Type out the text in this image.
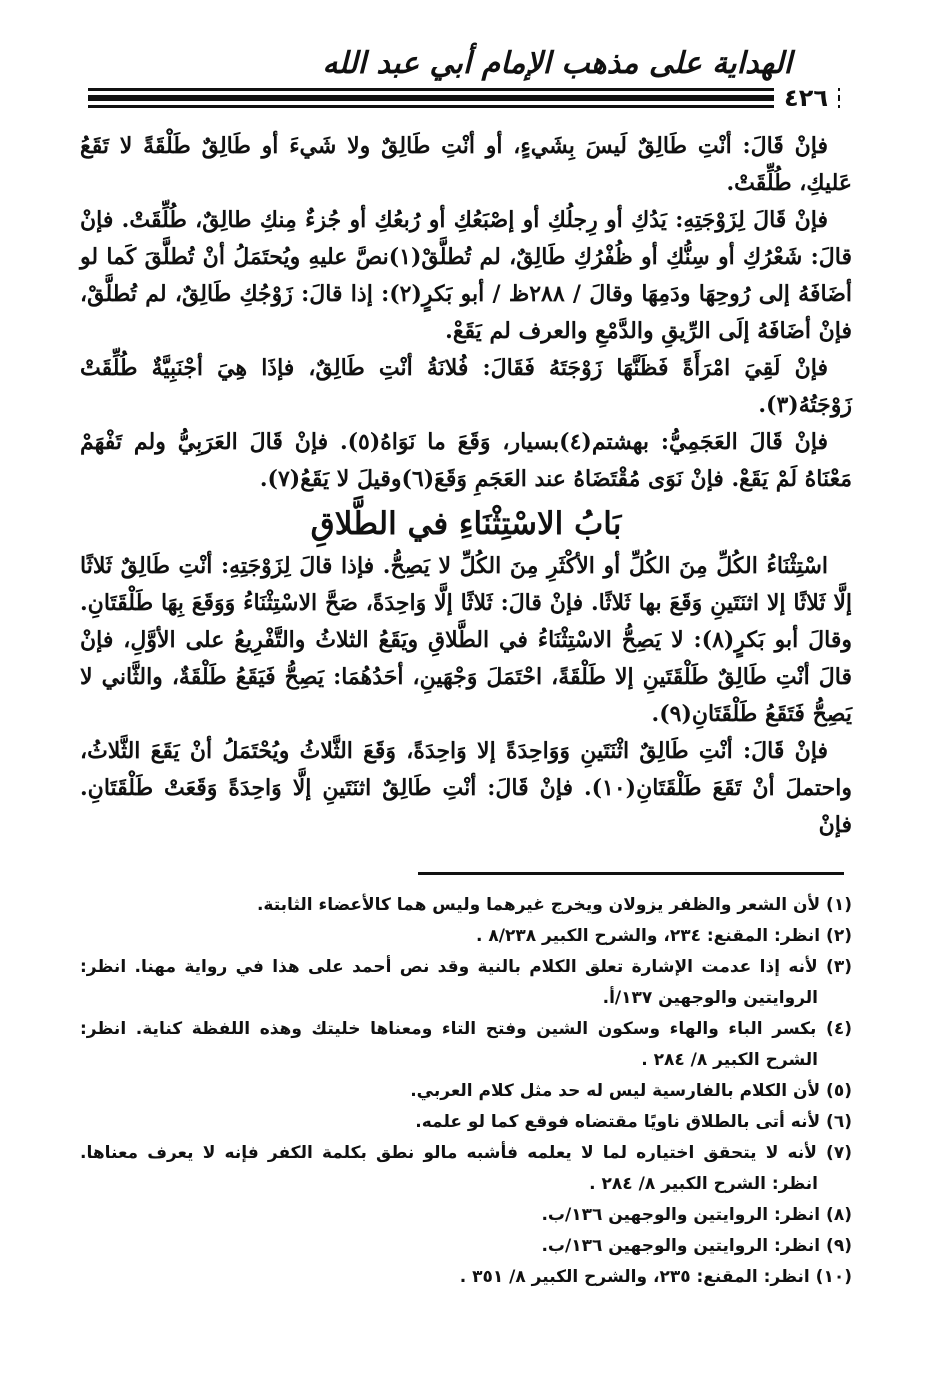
الهداية على مذهب الإمام أبي عبد الله
٤٢٦

فإنْ قَالَ: أنْتِ طَالِقٌ لَيسَ بِشَيءٍ، أو أنْتِ طَالِقٌ ولا شَيءَ أو طَالِقٌ طَلْقَةً لا تَقَعُ عَليكِ، طُلِّقَتْ.

فإنْ قَالَ لِزَوْجَتِهِ: يَدُكِ أو رِجلُكِ أو إصْبَعُكِ أو رُبعُكِ أو جُزءٌ مِنكِ طالِقٌ، طُلِّقَتْ. فإنْ قالَ: شَعْرُكِ أو سِنُّكِ أو ظُفْرُكِ طَالِقٌ، لم تُطلَّقْ(١)نصَّ عليهِ ويُحتَمَلُ أنْ تُطلَّقَ كَما لو أضَافَهُ إلى رُوحِهَا ودَمِهَا وقالَ / ٢٨٨ظ / أبو بَكرٍ(٢): إذا قالَ: زَوْجُكِ طَالِقٌ، لم تُطلَّقْ، فإنْ أضَافَهُ إلَى الرِّيقِ والدَّمْعِ والعرف لم يَقَعْ.

فإنْ لَقِيَ امْرَأَةً فَظَنَّهَا زَوْجَتَهُ فَقَالَ: فُلانَةُ أنْتِ طَالِقٌ، فإذَا هِيَ أجْنَبِيَّةٌ طُلِّقَتْ زَوْجَتُهُ(٣).

فإنْ قَالَ العَجَمِيُّ: بهشتم(٤)بسيار، وَقَعَ ما نَوَاهُ(٥). فإنْ قَالَ العَرَبِيُّ ولم تَفْهَمْ مَعْنَاهُ لَمْ يَقَعْ. فإنْ نَوَى مُقْتَضَاهُ عند العَجَمِ وَقَعَ(٦)وقيلَ لا يَقَعُ(٧).

بَابُ الاسْتِثْنَاءِ في الطَّلاقِ

اسْتِثْنَاءُ الكُلِّ مِنَ الكُلِّ أو الأكْثَرِ مِنَ الكُلِّ لا يَصِحُّ. فإذا قالَ لِزَوْجَتِهِ: أنْتِ طَالِقٌ ثَلاثًا إلَّا ثَلاثًا إلا اثنَتَينِ وَقَعَ بها ثَلاثًا. فإنْ قالَ: ثَلاثًا إلَّا وَاحِدَةً، صَحَّ الاسْتِثْنَاءُ وَوَقَعَ بِهَا طَلْقَتَانِ. وقالَ أبو بَكرٍ(٨): لا يَصِحُّ الاسْتِثْنَاءُ في الطَّلاقِ ويَقَعُ الثلاثُ والتَّفْرِيعُ على الأوَّلِ، فإنْ قالَ أنْتِ طَالِقٌ طَلْقَتَينِ إلا طَلْقَةً، احْتَمَلَ وَجْهَينِ، أحَدُهُمَا: يَصِحُّ فَيَقَعُ طَلْقَةٌ، والثَّاني لا يَصِحُّ فَتَقَعُ طَلْقَتَانِ(٩).

فإنْ قَالَ: أنْتِ طَالِقٌ اثْنَتَينِ وَوَاحِدَةً إلا وَاحِدَةً، وَقَعَ الثَّلاثُ ويُحْتَمَلُ أنْ يَقَعَ الثَّلاثُ، واحتملَ أنْ تَقَعَ طَلْقَتَانِ(١٠). فإنْ قَالَ: أنْتِ طَالِقٌ اثنَتَينِ إلَّا وَاحِدَةً وَقَعَتْ طَلْقَتَانِ. فإنْ

(١) لأن الشعر والظفر يزولان ويخرج غيرهما وليس هما كالأعضاء الثابتة.

(٢) انظر: المقنع: ٢٣٤، والشرح الكبير ٨/٢٣٨ .

(٣) لأنه إذا عدمت الإشارة تعلق الكلام بالنية وقد نص أحمد على هذا في رواية مهنا. انظر: الروايتين والوجهين ١٣٧/أ.

(٤) بكسر الباء والهاء وسكون الشين وفتح التاء ومعناها خليتك وهذه اللفظة كناية. انظر: الشرح الكبير ٨/ ٢٨٤ .

(٥) لأن الكلام بالفارسية ليس له حد مثل كلام العربي.

(٦) لأنه أتى بالطلاق ناويًا مقتضاه فوقع كما لو علمه.

(٧) لأنه لا يتحقق اختياره لما لا يعلمه فأشبه مالو نطق بكلمة الكفر فإنه لا يعرف معناها. انظر: الشرح الكبير ٨/ ٢٨٤ .

(٨) انظر: الروايتين والوجهين ١٣٦/ب.

(٩) انظر: الروايتين والوجهين ١٣٦/ب.

(١٠) انظر: المقنع: ٢٣٥، والشرح الكبير ٨/ ٣٥١ .
